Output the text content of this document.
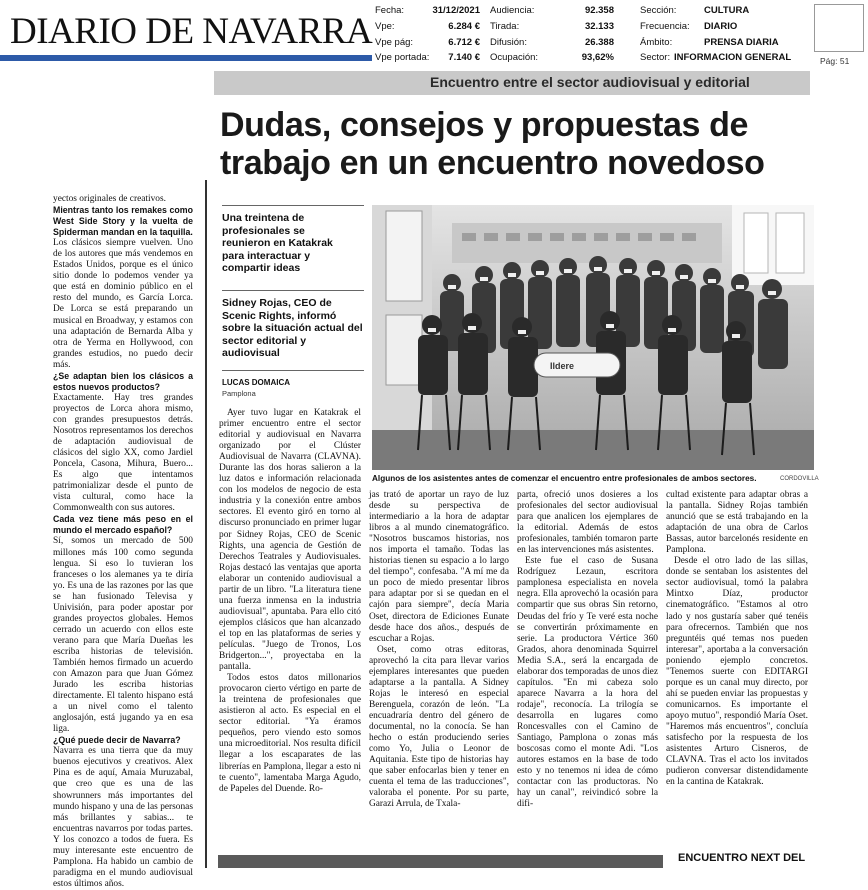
DIARIO DE NAVARRA
Fecha:	31/12/2021
Vpe:	6.284 €
Vpe pág:	6.712 €
Vpe portada: 7.140 €
Audiencia:	92.358
Tirada:	32.133
Difusión:	26.388
Ocupación:	93,62%
Sección:	CULTURA
Frecuencia: DIARIO
Ámbito:	PRENSA DIARIA
Sector: INFORMACION GENERAL	Pág: 51
Encuentro entre el sector audiovisual y editorial
Dudas, consejos y propuestas de trabajo en un encuentro novedoso

yectos originales de creativos.

Mientras tanto los remakes como West Side Story y la vuelta de Spiderman mandan en la taquilla.

Los clásicos siempre vuelven. Uno de los autores que más vendemos en Estados Unidos, porque es el único sitio donde lo podemos vender ya que está en dominio público en el resto del mundo, es García Lorca. De Lorca se está preparando un musical en Broadway, y estamos con una adaptación de Bernarda Alba y otra de Yerma en Hollywood, con grandes estudios, no puedo decir más.

¿Se adaptan bien los clásicos a estos nuevos productos?

Exactamente. Hay tres grandes proyectos de Lorca ahora mismo, con grandes presupuestos detrás. Nosotros representamos los derechos de adaptación audiovisual de clásicos del siglo XX, como Jardiel Poncela, Casona, Mihura, Buero... Es algo que intentamos patrimonializar desde el punto de vista cultural, como hace la Commonwealth con sus autores.

Cada vez tiene más peso en el mundo el mercado español?

Sí, somos un mercado de 500 millones más 100 como segunda lengua. Si eso lo tuvieran los franceses o los alemanes ya te diría yo. Es una de las razones por las que se han fusionado Televisa y Univisión, para poder apostar por grandes proyectos globales. Hemos cerrado un acuerdo con ellos este verano para que María Dueñas les escriba historias de televisión. También hemos firmado un acuerdo con Amazon para que Juan Gómez Jurado les escriba historias directamente. El talento hispano está a un nivel como el talento anglosajón, está jugando ya en esa liga.

¿Qué puede decir de Navarra?

Navarra es una tierra que da muy buenos ejecutivos y creativos. Alex Pina es de aquí, Amaia Muruzabal, que creo que es una de las showrunners más importantes del mundo hispano y una de las personas más brillantes y sabias... te encuentras navarros por todas partes. Y los conozco a todos de fuera. Es muy interesante este encuentro de Pamplona. Ha habido un cambio de paradigma en el mundo audiovisual estos últimos años.

Una treintena de profesionales se reunieron en Katakrak para interactuar y compartir ideas
Sidney Rojas, CEO de Scenic Rights, informó sobre la situación actual del sector editorial y audiovisual
LUCAS DOMAICA
Pamplona
Ildere
Algunos de los asistentes antes de comenzar el encuentro entre profesionales de ambos sectores.	CORDOVILLA

Ayer tuvo lugar en Katakrak el primer encuentro entre el sector editorial y audiovisual en Navarra organizado por el Clúster Audiovisual de Navarra (CLAVNA). Durante las dos horas salieron a la luz datos e información relacionada con los modelos de negocio de esta industria y la conexión entre ambos sectores. El evento giró en torno al discurso pronunciado en primer lugar por Sidney Rojas, CEO de Scenic Rights, una agencia de Gestión de Derechos Teatrales y Audiovisuales. Rojas destacó las ventajas que aporta elaborar un contenido audiovisual a partir de un libro. "La literatura tiene una fuerza inmensa en la industria audiovisual", apuntaba. Para ello citó ejemplos clásicos que han alcanzado el top en las plataformas de series y películas. "Juego de Tronos, Los Bridgerton...", proyectaba en la pantalla.

Todos estos datos millonarios provocaron cierto vértigo en parte de la treintena de profesionales que asistieron al acto. Es especial en el sector editorial. "Ya éramos pequeños, pero viendo esto somos una microeditorial. Nos resulta difícil llegar a los escaparates de las librerías en Pamplona, llegar a esto ni te cuento", lamentaba Marga Agudo, de Papeles del Duende. Ro-

jas trató de aportar un rayo de luz desde su perspectiva de intermediario a la hora de adaptar libros a al mundo cinematográfico. "Nosotros buscamos historias, nos nos importa el tamaño. Todas las historias tienen su espacio a lo largo del tiempo", confesaba. "A mí me da un poco de miedo presentar libros para adaptar por si se quedan en el cajón para siempre", decía Maria Oset, directora de Ediciones Eunate desde hace dos años., después de escuchar a Rojas.

Oset, como otras editoras, aprovechó la cita para llevar varios ejemplares interesantes que pueden adaptarse a la pantalla. A Sidney Rojas le interesó en especial Berenguela, corazón de león. "La encuadraría dentro del género de documental, no la conocía. Se han hecho o están produciendo series como Yo, Julia o Leonor de Aquitania. Este tipo de historias hay que saber enfocarlas bien y tener en cuenta el tema de las traducciones", valoraba el ponente. Por su parte, Garazi Arrula, de Txala-

parta, ofreció unos dosieres a los profesionales del sector audiovisual para que analicen los ejemplares de la editorial. Además de estos profesionales, también tomaron parte en las intervenciones más asistentes.

Este fue el caso de Susana Rodríguez Lezaun, escritora pamplonesa especialista en novela negra. Ella aprovechó la ocasión para compartir que sus obras Sin retorno, Deudas del frío y Te veré esta noche se convertirán próximamente en serie. La productora Vértice 360 Grados, ahora denominada Squirrel Media S.A., será la encargada de elaborar dos temporadas de unos diez capítulos. "En mi cabeza solo aparece Navarra a la hora del rodaje", reconocía. La trilogía se desarrolla en lugares como Roncesvalles con el Camino de Santiago, Pamplona o zonas más boscosas como el monte Adi. "Los autores estamos en la base de todo esto y no tenemos ni idea de cómo contactar con las productoras. No hay un canal", reivindicó sobre la difi-

cultad existente para adaptar obras a la pantalla. Sidney Rojas también anunció que se está trabajando en la adaptación de una obra de Carlos Bassas, autor barcelonés residente en Pamplona.

Desde el otro lado de las sillas, donde se sentaban los asistentes del sector audiovisual, tomó la palabra Mintxo Díaz, productor cinematográfico. "Estamos al otro lado y nos gustaría saber qué tenéis para ofrecernos. También que nos preguntéis qué temas nos pueden interesar", aportaba a la conversación poniendo ejemplo concretos. "Tenemos suerte con EDITARGI porque es un canal muy directo, por ahí se pueden enviar las propuestas y comunicarnos. Es importante el apoyo mutuo", respondió María Oset. "Haremos más encuentros", concluía satisfecho por la respuesta de los asistentes Arturo Cisneros, de CLAVNA. Tras el acto los invitados pudieron conversar distendidamente en la cantina de Katakrak.

ENCUENTRO NEXT DEL
